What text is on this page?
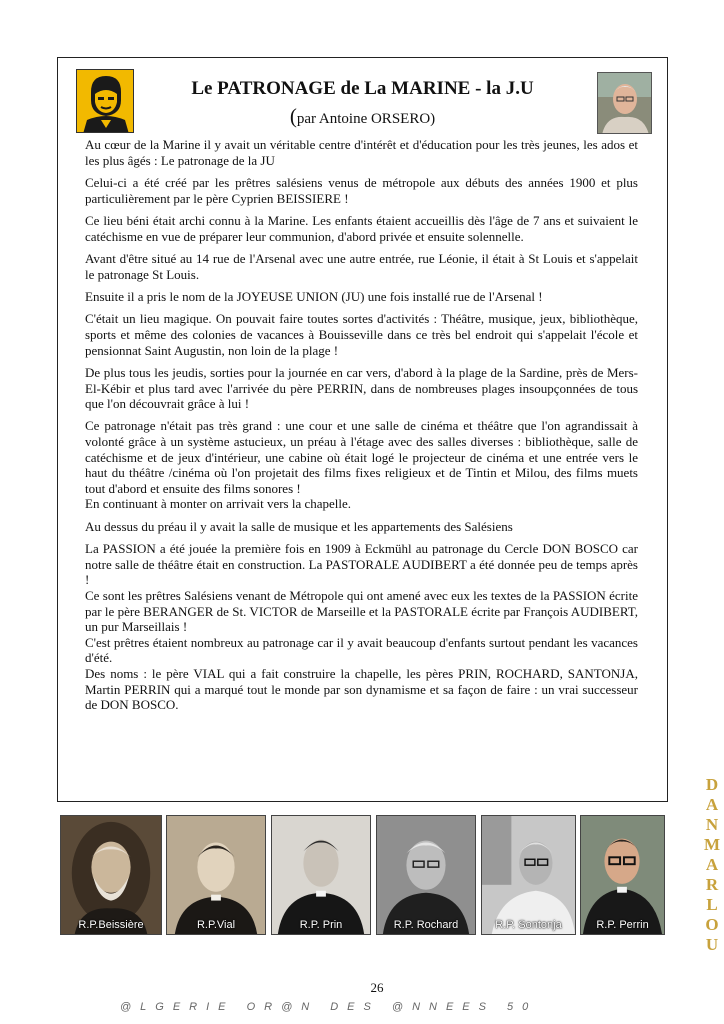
Le PATRONAGE de La MARINE - la J.U
(par Antoine ORSERO)

Au cœur de la Marine il y avait un véritable centre d'intérêt et d'éducation pour les très jeunes, les ados et les plus âgés : Le patronage de la JU

Celui-ci a été créé par les prêtres salésiens venus de métropole aux débuts des années 1900 et plus particulièrement par le père Cyprien BEISSIERE !

Ce lieu béni était archi connu à la Marine. Les enfants étaient accueillis dès l'âge de 7 ans et suivaient le catéchisme en vue de préparer leur communion, d'abord privée et ensuite solennelle.

Avant d'être situé au 14 rue de l'Arsenal avec une autre entrée, rue Léonie, il était à St Louis et s'appelait le patronage St Louis.

Ensuite il a pris le nom de la JOYEUSE UNION (JU) une fois installé rue de l'Arsenal !

C'était un lieu magique. On pouvait faire toutes sortes d'activités : Théâtre, musique, jeux, bibliothèque, sports et même des colonies de vacances à Bouisseville dans ce très bel endroit qui s'appelait l'école et pensionnat Saint Augustin, non loin de la plage !

De plus tous les jeudis, sorties pour la journée en car vers, d'abord à la plage de la Sardine, près de Mers-El-Kébir et plus tard avec l'arrivée du père PERRIN, dans de nombreuses plages insoupçonnées de tous que l'on découvrait grâce à lui !

Ce patronage n'était pas très grand : une cour et une salle de cinéma et théâtre que l'on agrandissait à volonté grâce à un système astucieux, un préau à l'étage avec des salles diverses : bibliothèque, salle de catéchisme et de jeux d'intérieur, une cabine où était logé le projecteur de cinéma et une entrée vers le haut du théâtre /cinéma où l'on projetait des films fixes religieux et de Tintin et Milou, des films muets tout d'abord et ensuite des films sonores !

En continuant à monter on arrivait vers la chapelle.

Au dessus du préau il y avait la salle de musique et les appartements des Salésiens

La PASSION a été jouée la première fois en 1909 à Eckmühl au patronage du Cercle DON BOSCO car notre salle de théâtre était en construction. La PASTORALE AUDIBERT a été donnée peu de temps après !

Ce sont les prêtres Salésiens venant de Métropole qui ont amené avec eux les textes de la PASSION écrite par le père BERANGER de St. VICTOR de Marseille et la PASTORALE écrite par François AUDIBERT, un pur Marseillais !

C'est prêtres étaient nombreux au patronage car il y avait beaucoup d'enfants surtout pendant les vacances d'été.

Des noms : le père VIAL qui a fait construire la chapelle, les pères PRIN, ROCHARD, SANTONJA, Martin PERRIN qui a marqué tout le monde par son dynamisme et sa façon de faire : un vrai successeur de DON BOSCO.

R.P.Beissière	R.P.Vial	R.P. Prin	R.P. Rochard	R.P. Sontonja	R.P. Perrin
26
@LGERIE OR@N DES @NNEES 50
D
A
N
M
A
R
L
O
U
